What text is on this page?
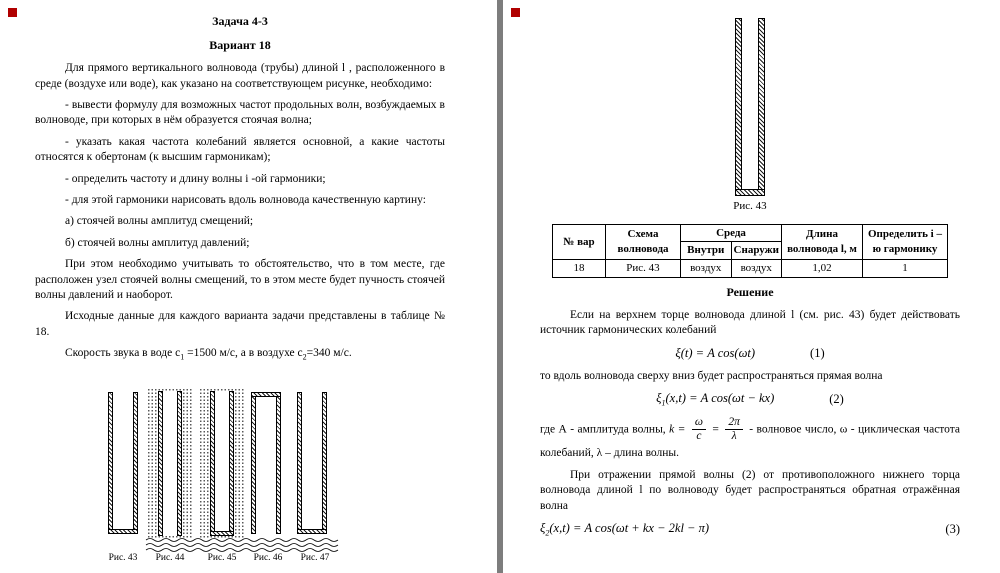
Задача 4-3
Вариант 18

Для прямого вертикального волновода (трубы) длиной l , расположенного в среде (воздухе или воде), как указано на соответствующем рисунке, необходимо:

- вывести формулу для возможных частот продольных волн, возбуждаемых в волноводе, при которых в нём образуется стоячая волна;

- указать какая частота колебаний является основной, а какие частоты относятся к обертонам (к высшим гармоникам);

- определить частоту и длину волны i -ой гармоники;

- для этой гармоники нарисовать вдоль волновода качественную картину:

а) стоячей волны амплитуд смещений;

б) стоячей волны амплитуд давлений;

При этом необходимо учитывать то обстоятельство, что в том месте, где расположен узел стоячей волны смещений, то в этом месте будет пучность стоячей волны давлений и наоборот.

Исходные данные для каждого варианта задачи представлены в таблице № 18.

Скорость звука в воде $c_1 =1500$ м/с, а в воздухе $c_2=340$ м/с.

Рис. 43	Рис. 44	Рис. 45	Рис. 46	Рис. 47
Рис. 43
№ вар	Схема волновода	Среда		Длина волновода l, м	Определить i – ю гармонику
		Внутри	Снаружи		
18	Рис. 43	воздух	воздух	1,02	1
Решение

Если на верхнем торце волновода длиной l (см. рис. 43) будет действовать источник гармонических колебаний

ξ(t) = A cos(ωt)	(1)

то вдоль волновода сверху вниз будет распространяться прямая волна

$\xi_1(x,t) = A$ cos(ωt − kx)	(2)

где А - амплитуда волны, $k = \frac{\omega}{c} = \frac{2\pi}{\lambda}$ - волновое число, ω - циклическая частота колебаний, λ – длина волны.

При отражении прямой волны (2) от противоположного нижнего торца волновода длиной l по волноводу будет распространяться обратная отражённая волна

$\xi_2(x,t) = A$ cos(ωt + kx − 2kl − π)	(3)
